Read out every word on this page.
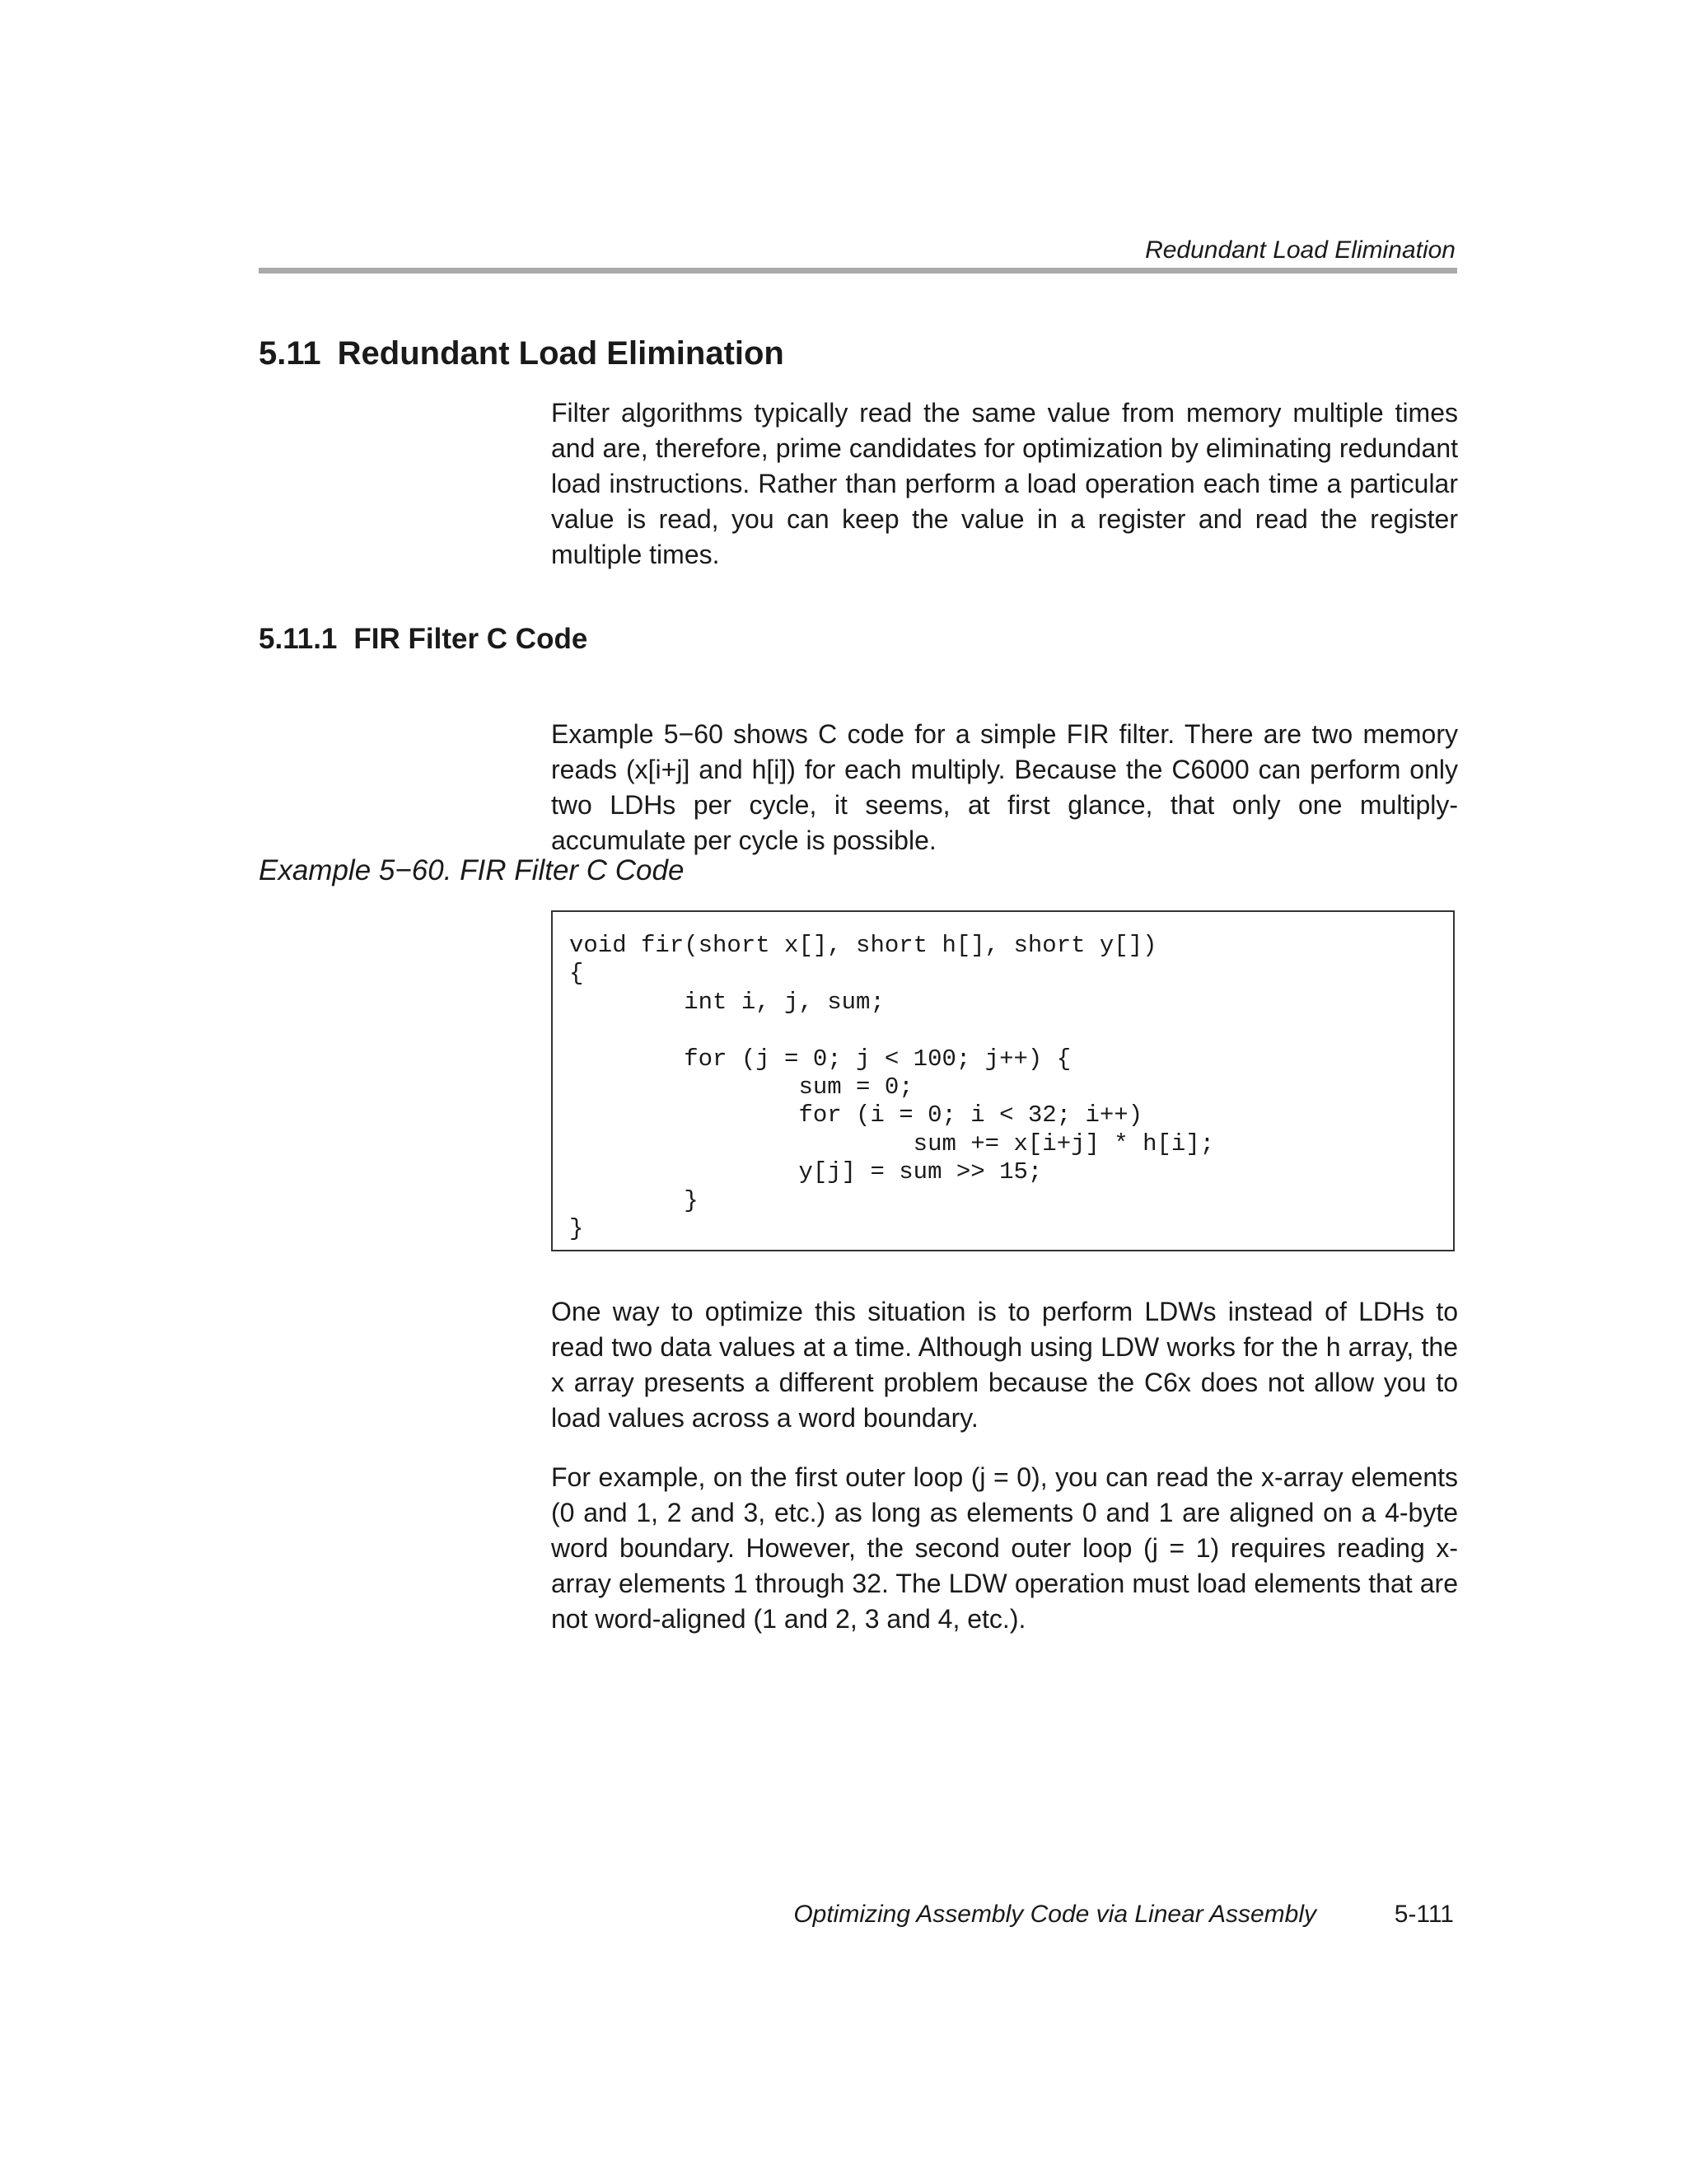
Redundant Load Elimination
5.11 Redundant Load Elimination

Filter algorithms typically read the same value from memory multiple times and are, therefore, prime candidates for optimization by eliminating redundant load instructions. Rather than perform a load operation each time a particular value is read, you can keep the value in a register and read the register multiple times.

5.11.1 FIR Filter C Code

Example 5−60 shows C code for a simple FIR filter. There are two memory reads (x[i+j] and h[i]) for each multiply. Because the C6000 can perform only two LDHs per cycle, it seems, at first glance, that only one multiply-accumulate per cycle is possible.

Example 5−60. FIR Filter C Code
void fir(short x[], short h[], short y[])
{
int i, j, sum;

for (j = 0; j < 100; j++) {
sum = 0;
for (i = 0; i < 32; i++)
sum += x[i+j] * h[i];
y[j] = sum >> 15;
}
}

One way to optimize this situation is to perform LDWs instead of LDHs to read two data values at a time. Although using LDW works for the h array, the x array presents a different problem because the C6x does not allow you to load values across a word boundary.

For example, on the first outer loop (j = 0), you can read the x-array elements (0 and 1, 2 and 3, etc.) as long as elements 0 and 1 are aligned on a 4-byte word boundary. However, the second outer loop (j = 1) requires reading x-array elements 1 through 32. The LDW operation must load elements that are not word-aligned (1 and 2, 3 and 4, etc.).

Optimizing Assembly Code via Linear Assembly	5-111
